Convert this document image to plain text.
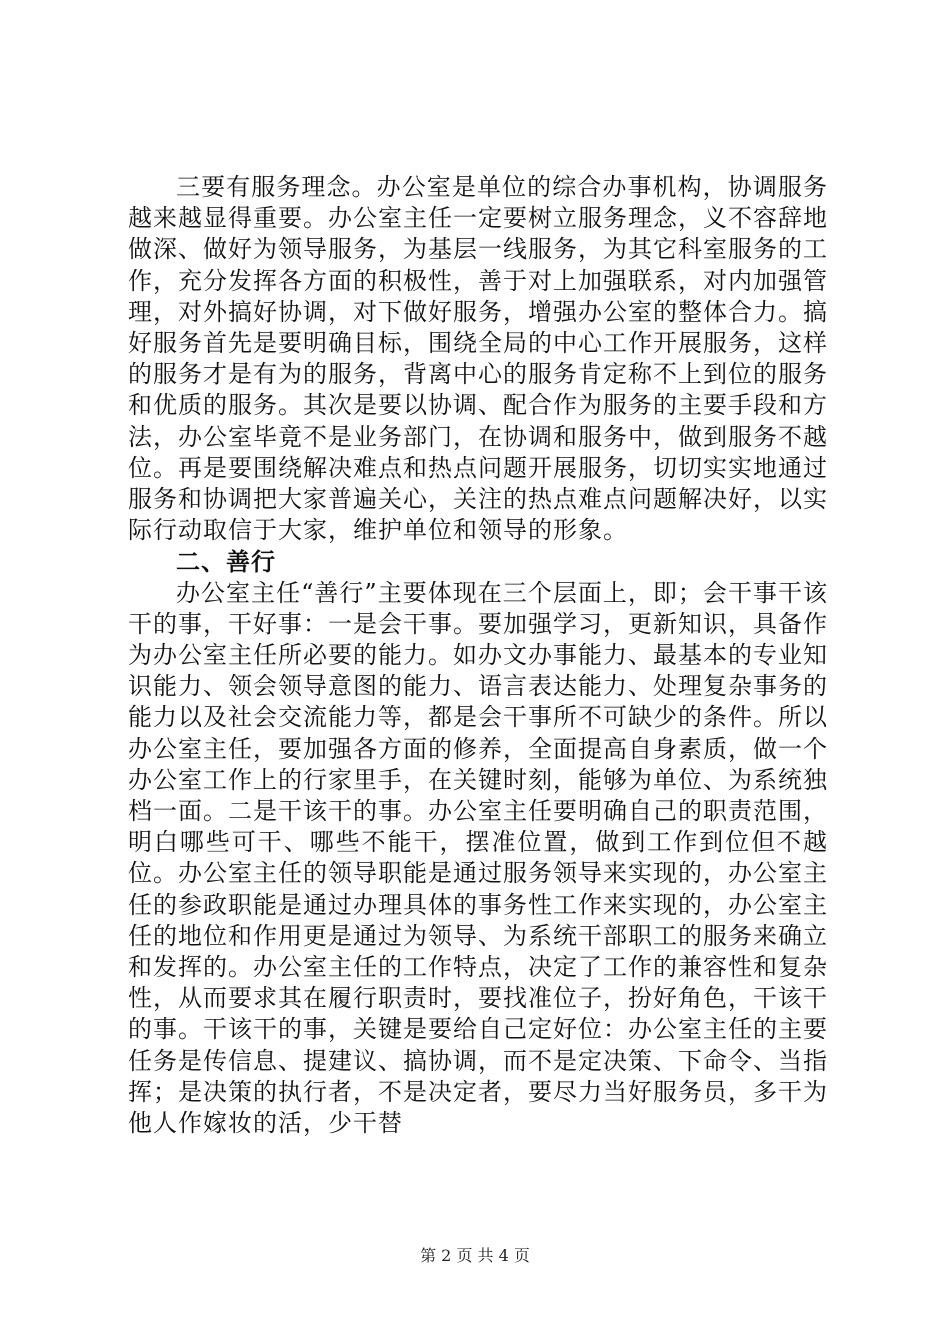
三要有服务理念。办公室是单位的综合办事机构，协调服务越来越显得重要。办公室主任一定要树立服务理念，义不容辞地做深、做好为领导服务，为基层一线服务，为其它科室服务的工作，充分发挥各方面的积极性，善于对上加强联系，对内加强管理，对外搞好协调，对下做好服务，增强办公室的整体合力。搞好服务首先是要明确目标，围绕全局的中心工作开展服务，这样的服务才是有为的服务，背离中心的服务肯定称不上到位的服务和优质的服务。其次是要以协调、配合作为服务的主要手段和方法，办公室毕竟不是业务部门，在协调和服务中，做到服务不越位。再是要围绕解决难点和热点问题开展服务，切切实实地通过服务和协调把大家普遍关心，关注的热点难点问题解决好，以实际行动取信于大家，维护单位和领导的形象。

二、善行

办公室主任“善行”主要体现在三个层面上，即；会干事干该干的事，干好事：一是会干事。要加强学习，更新知识，具备作为办公室主任所必要的能力。如办文办事能力、最基本的专业知识能力、领会领导意图的能力、语言表达能力、处理复杂事务的能力以及社会交流能力等，都是会干事所不可缺少的条件。所以办公室主任，要加强各方面的修养，全面提高自身素质，做一个办公室工作上的行家里手，在关键时刻，能够为单位、为系统独档一面。二是干该干的事。办公室主任要明确自己的职责范围，明白哪些可干、哪些不能干，摆准位置，做到工作到位但不越位。办公室主任的领导职能是通过服务领导来实现的，办公室主任的参政职能是通过办理具体的事务性工作来实现的，办公室主任的地位和作用更是通过为领导、为系统干部职工的服务来确立和发挥的。办公室主任的工作特点，决定了工作的兼容性和复杂性，从而要求其在履行职责时，要找准位子，扮好角色，干该干的事。干该干的事，关键是要给自己定好位：办公室主任的主要任务是传信息、提建议、搞协调，而不是定决策、下命令、当指挥；是决策的执行者，不是决定者，要尽力当好服务员，多干为他人作嫁妆的活，少干替

第 2 页 共 4 页
